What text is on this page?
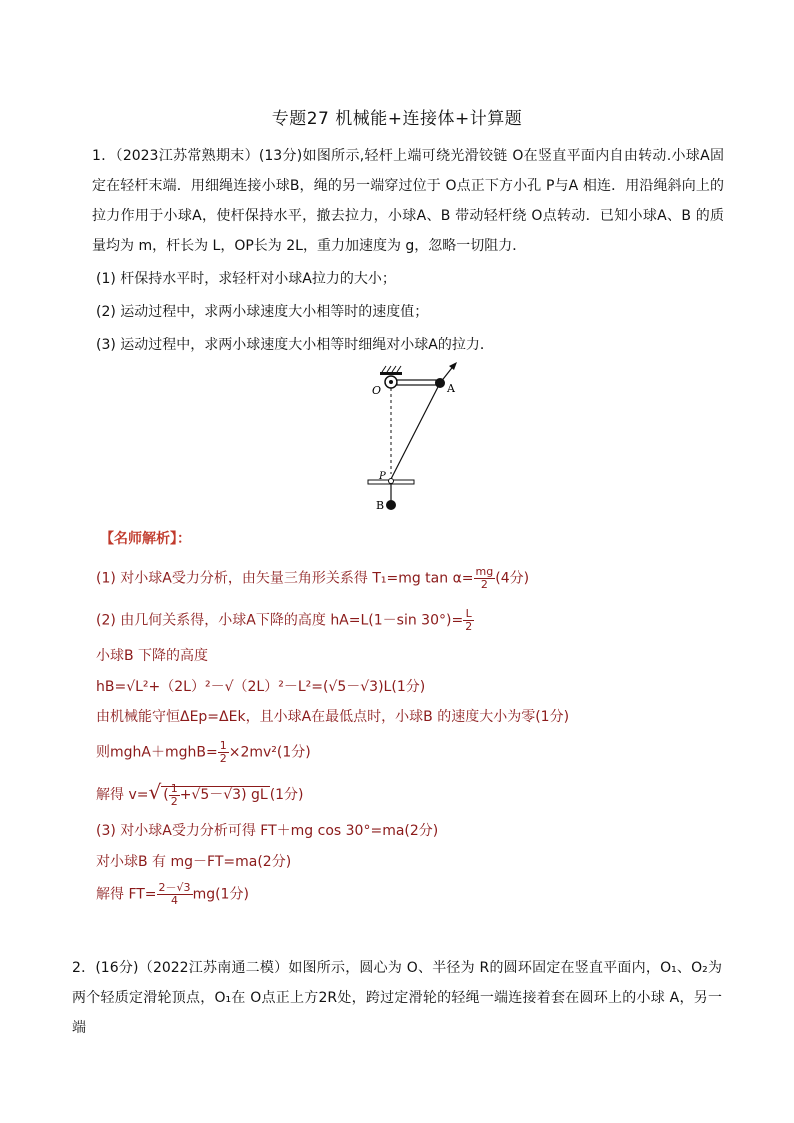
专题27 机械能+连接体+计算题
1．（2023江苏常熟期末）(13分)如图所示,轻杆上端可绕光滑铰链 O在竖直平面内自由转动.小球A固定在轻杆末端．用细绳连接小球B，绳的另一端穿过位于 O点正下方小孔 P与A 相连．用沿绳斜向上的拉力作用于小球A，使杆保持水平，撤去拉力，小球A、B 带动轻杆绕 O点转动．已知小球A、B 的质量均为 m，杆长为 L，OP长为 2L，重力加速度为 g，忽略一切阻力．
(1) 杆保持水平时，求轻杆对小球A拉力的大小；
(2) 运动过程中，求两小球速度大小相等时的速度值；
(3) 运动过程中，求两小球速度大小相等时细绳对小球A的拉力．
O	A
P
B
【名师解析】：
(1) 对小球A受力分析，由矢量三角形关系得 T₁=mg $\tan \alpha= \frac{mg}{2} (4$分)
(2) 由几何关系得，小球A下降的高度 hA=L(1－sin $30^\circ)= \frac{L}{2}$
小球B 下降的高度
hB=√L²+（2L）²－√（2L）²－L²=(√5－√3)L(1分)
由机械能守恒ΔEp=ΔEk，且小球A在最低点时，小球B 的速度大小为零(1分)
则mghA＋mghB= $\frac{1}{2} \times 2mv^2(1$分)
解得 v=√ ( $\frac{1}{2} +√5-√3$) gL (1分)
(3) 对小球A受力分析可得 FT＋mg cos 30°=ma(2分)
对小球B 有 mg－FT=ma(2分)
解得 $FT= \frac{2-√3}{4} mg(1$分)
2．(16分)（2022江苏南通二模）如图所示，圆心为 O、半径为 R的圆环固定在竖直平面内，O₁、O₂为两个轻质定滑轮顶点，O₁在 O点正上方2R处，跨过定滑轮的轻绳一端连接着套在圆环上的小球 A，另一端
